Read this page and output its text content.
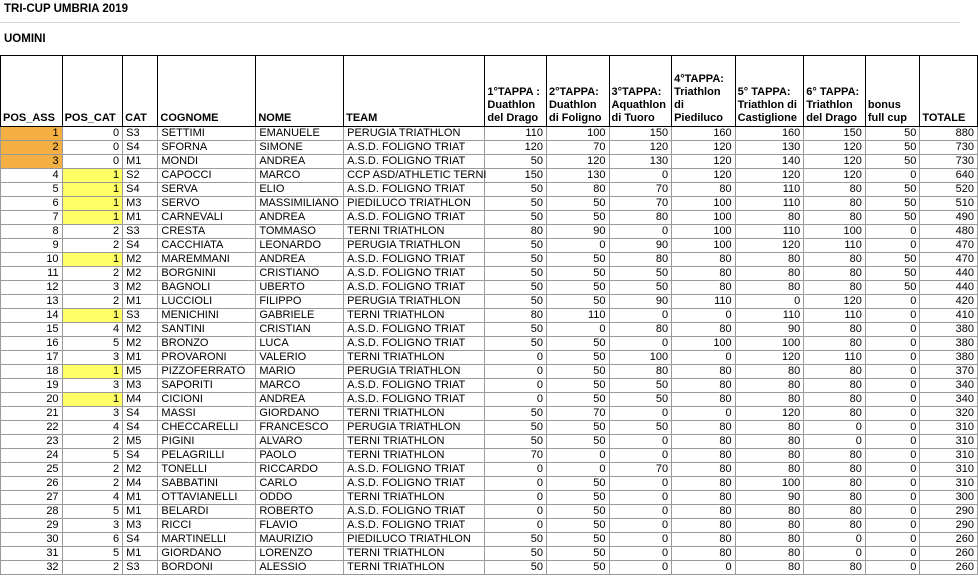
TRI-CUP UMBRIA 2019
UOMINI
POS_ASS	POS_CAT	CAT	COGNOME	NOME	TEAM	1°TAPPA : Duathlon del Drago	2°TAPPA: Duathlon di Foligno	3°TAPPA: Aquathlon di Tuoro	4°TAPPA: Triathlon di Piediluco	5° TAPPA: Triathlon di Castiglione	6° TAPPA: Triathlon del Drago	bonus full cup	TOTALE
1	0	S3	SETTIMI	EMANUELE	PERUGIA TRIATHLON	110	100	150	160	160	150	50	880
2	0	S4	SFORNA	SIMONE	A.S.D. FOLIGNO TRIAT	120	70	120	120	130	120	50	730
3	0	M1	MONDI	ANDREA	A.S.D. FOLIGNO TRIAT	50	120	130	120	140	120	50	730
4	1	S2	CAPOCCI	MARCO	CCP ASD/ATHLETIC TERNI	150	130	0	120	120	120	0	640
5	1	S4	SERVA	ELIO	A.S.D. FOLIGNO TRIAT	50	80	70	80	110	80	50	520
6	1	M3	SERVO	MASSIMILIANO	PIEDILUCO TRIATHLON	50	50	70	100	110	80	50	510
7	1	M1	CARNEVALI	ANDREA	A.S.D. FOLIGNO TRIAT	50	50	80	100	80	80	50	490
8	2	S3	CRESTA	TOMMASO	TERNI TRIATHLON	80	90	0	100	110	100	0	480
9	2	S4	CACCHIATA	LEONARDO	PERUGIA TRIATHLON	50	0	90	100	120	110	0	470
10	1	M2	MAREMMANI	ANDREA	A.S.D. FOLIGNO TRIAT	50	50	80	80	80	80	50	470
11	2	M2	BORGNINI	CRISTIANO	A.S.D. FOLIGNO TRIAT	50	50	50	80	80	80	50	440
12	3	M2	BAGNOLI	UBERTO	A.S.D. FOLIGNO TRIAT	50	50	50	80	80	80	50	440
13	2	M1	LUCCIOLI	FILIPPO	PERUGIA TRIATHLON	50	50	90	110	0	120	0	420
14	1	S3	MENICHINI	GABRIELE	TERNI TRIATHLON	80	110	0	0	110	110	0	410
15	4	M2	SANTINI	CRISTIAN	A.S.D. FOLIGNO TRIAT	50	0	80	80	90	80	0	380
16	5	M2	BRONZO	LUCA	A.S.D. FOLIGNO TRIAT	50	50	0	100	100	80	0	380
17	3	M1	PROVARONI	VALERIO	TERNI TRIATHLON	0	50	100	0	120	110	0	380
18	1	M5	PIZZOFERRATO	MARIO	PERUGIA TRIATHLON	0	50	80	80	80	80	0	370
19	3	M3	SAPORITI	MARCO	A.S.D. FOLIGNO TRIAT	0	50	50	80	80	80	0	340
20	1	M4	CICIONI	ANDREA	A.S.D. FOLIGNO TRIAT	0	50	50	80	80	80	0	340
21	3	S4	MASSI	GIORDANO	TERNI TRIATHLON	50	70	0	0	120	80	0	320
22	4	S4	CHECCARELLI	FRANCESCO	PERUGIA TRIATHLON	50	50	50	80	80	0	0	310
23	2	M5	PIGINI	ALVARO	TERNI TRIATHLON	50	50	0	80	80	0	0	310
24	5	S4	PELAGRILLI	PAOLO	TERNI TRIATHLON	70	0	0	80	80	80	0	310
25	2	M2	TONELLI	RICCARDO	A.S.D. FOLIGNO TRIAT	0	0	70	80	80	80	0	310
26	2	M4	SABBATINI	CARLO	A.S.D. FOLIGNO TRIAT	0	50	0	80	100	80	0	310
27	4	M1	OTTAVIANELLI	ODDO	TERNI TRIATHLON	0	50	0	80	90	80	0	300
28	5	M1	BELARDI	ROBERTO	A.S.D. FOLIGNO TRIAT	0	50	0	80	80	80	0	290
29	3	M3	RICCI	FLAVIO	A.S.D. FOLIGNO TRIAT	0	50	0	80	80	80	0	290
30	6	S4	MARTINELLI	MAURIZIO	PIEDILUCO TRIATHLON	50	50	0	80	80	0	0	260
31	5	M1	GIORDANO	LORENZO	TERNI TRIATHLON	50	50	0	80	80	0	0	260
32	2	S3	BORDONI	ALESSIO	TERNI TRIATHLON	50	50	0	0	80	80	0	260
